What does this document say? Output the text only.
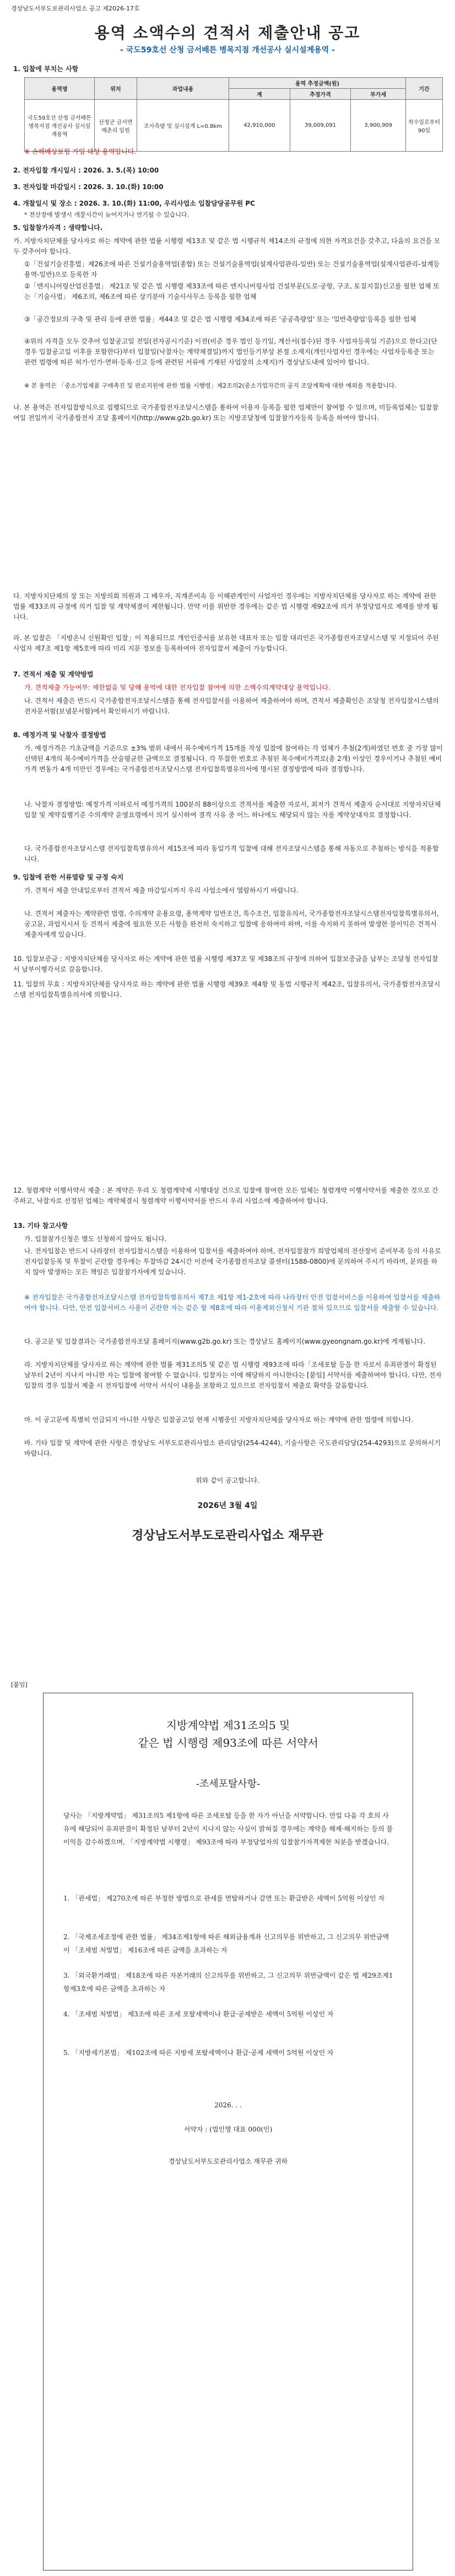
경상남도서부도로관리사업소 공고 제2026-17호
용역 소액수의 견적서 제출안내 공고
- 국도59호선 산청 금서배튼 병목지점 개선공사 실시설계용역 -
1. 입찰에 부치는 사항
용역명	위치	과업내용	용역 추정금액(원)			기간
			계	추정가격	부가세	
국도59호선 산청 금서배튼 병목지점 개선공사 실시설계용역	산청군 금서면 매촌리 일원	조사측량 및 실시설계 L=0.8km	42,910,000	39,009,091	3,900,909	착수일로부터 90일
※ 손해배상보험 가입 대상 용역입니다.
2. 전자입찰 개시일시 : 2026. 3. 5.(목) 10:00
3. 전자입찰 마감일시 : 2026. 3. 10.(화) 10:00
4. 개찰일시 및 장소 : 2026. 3. 10.(화) 11:00, 우리사업소 입찰담당공무원 PC
* 전산장애 발생시 개찰시간이 늦어지거나 연기될 수 있습니다.
5. 입찰참가자격 : 생략합니다.
가. 지방자치단체를 당사자로 하는 계약에 관한 법률 시행령 제13조 및 같은 법 시행규칙 제14조의 규정에 의한 자격요건을 갖추고, 다음의 요건을 모두 갖추어야 합니다.
①「건설기술진흥법」제26조에 따른 건설기술용역업(종합) 또는 건설기술용역업(설계사업관리-일반) 또는 건설기술용역업(설계사업관리-설계등용역-일반)으로 등록한 자
②「엔지니어링산업진흥법」 제21조 및 같은 법 시행령 제33조에 따른 엔지니어링사업 건설부문(도로·공항, 구조, 토질지질)신고를 필한 업체 또는「기술사법」 제6조의, 제6조에 따른 상기분야 기술사사무소 등록을 필한 업체
③「공간정보의 구축 및 관리 등에 관한 법률」제44조 및 같은 법 시행령 제34조에 따른 '공공측량업' 또는 '일반측량업'등록을 필한 업체
④위의 자격을 모두 갖추어 입찰공고일 전일(전자공시기준) 이전(비준 경우 법인 등기일, 계산서(접수)된 경우 사업자등록일 기준)으로 한다고(단 경우 입찰공고일 이후를 포함한다)부터 입찰일(낙찰자는 계약체결일)까지 법인등기부상 본점 소재지(개인사업자인 경우에는 사업자등록증 또는 관련 법령에 따른 허가·인가·면허·등록·신고 등에 관련된 서류에 기재된 사업장의 소재지)가 경상남도내에 있어야 합니다.
※ 본 용역은 「중소기업제품 구매촉진 및 판로지원에 관한 법률 시행령」제2조의2(중소기업자간의 공지 조달계획에 대한 예외를 적용합니다.
나. 본 용역은 전자입찰방식으로 집행되므로 국가종합전자조달시스템을 통하여 이용자 등록을 필한 업체만이 참여할 수 있으며, 미등록업체는 입찰참여일 전일까지 국가종합전자 조달 홈페이지(http://www.g2b.go.kr) 또는 지방조달청에 입찰참가자등록 등록을 하여야 합니다.
다. 지방자치단체의 장 또는 지방의회 의원과 그 배우자, 직계존비속 등 이해관계인이 사업자인 경우에는 지방자치단체를 당사자로 하는 계약에 관한 법률 제33조의 규정에 의거 입찰 및 계약체결이 제한됩니다. 만약 이를 위반한 경우에는 같은 법 시행령 제92조에 의거 부정당업자로 제재를 받게 됩니다.
라. 본 입찰은 「지방온닉 신원확인 입찰」이 적용되므로 개인인증서를 보유한 대표자 또는 입찰 대리인은 국가종합전자조달시스템 및 지정되어 주된사업자 제7조 제1항 제5호에 따라 미리 지문 정보를 등록하여야 전자입찰서 제출이 가능합니다.
7. 견적서 제출 및 계약방법
가. 견적제출 가능여부: 제한없음 및 당해 용역에 대한 전자입찰 참여에 의한 소액수의계약대상 용역입니다.
나. 견적서 제출은 반드시 국가종합전자조달시스템을 통해 전자입찰서를 이용하여 제출하여야 하며, 견적서 제출확인은 조달청 전자입찰시스템의 전자문서함(보냄문서함)에서 확인하시기 바랍니다.
8. 예정가격 및 낙찰자 결정방법
가. 예정가격은 기초금액을 기준으로 ±3% 범위 내에서 복수예비가격 15개를 작성 입찰에 참여하는 각 업체가 추첨(2개)하였던 번호 중 가장 많이 선택된 4개의 복수예비가격을 산술평균한 금액으로 결정됩니다. 각 투찰한 번호로 추첨된 복수예비가격로(총 2개) 이상인 경우이거나 추첨된 예비가격 변동가 4개 미만인 경우에는 국가종합전자조달시스템 전자입찰특별유의서에 명시된 결정방법에 따라 결정합니다.
나. 낙찰자 결정방법: 예정가격 이하로서 예정가격의 100분의 88이상으로 견적서를 제출한 자로서, 최저가 견적서 제출자 순서대로 지방자치단체 입찰 및 계약집행기준 수의계약 운영요령에서 의거 실시하여 결격 사유 중 어느 하나에도 해당되지 않는 자를 계약상대자로 결정합니다.
다. 국가종합전자조달시스템 전자입찰특별유의서 제15조에 따라 동일가격 입찰에 대해 전자조달시스템을 통해 자동으로 추첨하는 방식을 적용합니다.
9. 입찰에 관한 서류열람 및 규정 숙지
가. 견적서 제출 안내일로부터 견적서 제출 마감일시까지 우리 사업소에서 열람하시기 바랍니다.
나. 견적서 제출자는 계약관련 법령, 수의계약 운용요령, 용역계약 일반조건, 특수조건, 입찰유의서, 국가종합전자조달시스템전자입찰특별유의서, 공고문, 과업지시서 등 견적서 제출에 필요한 모든 사항을 완전히 숙지하고 입찰에 응하여야 하며, 이를 숙지하지 못하여 발생한 불이익은 견적서 제출자에게 있습니다.
10. 입찰보증금 : 지방자치단체를 당사자로 하는 계약에 관한 법률 시행령 제37조 및 제38조의 규정에 의하여 입찰보증금을 납부는 조달청 전자입찰서 납부이행각서로 갈음합니다.
11. 입찰의 무효 : 지방자치단체를 당사자로 하는 계약에 관한 법률 시행령 제39조 제4항 및 동법 시행규칙 제42조, 입찰유의서, 국가종합전자조달시스템 전자입찰특별유의서에 의합니다.
12. 청렴계약 이행서약서 제출 : 본 계약은 우리 도 청렴계약제 시행대상 건으로 입찰에 참여한 모든 업체는 청렴계약 이행서약서를 제출한 것으로 간주하고, 낙찰자로 선정된 업체는 계약체결시 청렴계약 이행서약서를 반드시 우리 사업소에 제출하여야 합니다.
13. 기타 참고사항
가. 입찰참가신청은 별도 신청하지 않아도 됩니다.
나. 전자입찰은 반드시 나라장터 전자입찰시스템을 이용하여 입찰서를 제출하여야 하며, 전자입찰참가 희망업체의 전산장비 준비부족 등의 사유로 전자입찰등록 및 투찰이 곤란할 경우에는 투찰마감 24시간 이전에 국가종합전자조달 콜센터(1588-0800)에 문의하여 주시기 바라며, 문의를 하지 않아 발생하는 모든 책임은 입찰참가자에게 있습니다.
※ 전자입찰은 국가종합전자조달시스템 전자입찰특별유의서 제7조 제1항 제1-2호에 따라 나라장터 안전 입찰서비스를 이용하여 입찰서를 제출하여야 합니다. 다만, 안전 입찰서비스 사용이 곤란한 자는 같은 항 제8호에 따라 이용제외신청서 기관 절차 있으므로 입찰서를 제출할 수 있습니다.
다. 공고문 및 입찰결과는 국가종합전자조달 홈페이지(www.g2b.go.kr) 또는 경상남도 홈페이지(www.gyeongnam.go.kr)에 게재됩니다.
라. 지방자치단체를 당사자로 하는 계약에 관한 법률 제31조의5 및 같은 법 시행령 제93조에 따라「조세포탈 등을 한 자로서 유죄판결이 확정된 날부터 2년이 지나지 아니한 자는 입찰에 참여할 수 없습니다. 입찰자는 이에 해당하지 아니한다는 [붙임] 서약서를 제출하여야 합니다. 다만, 전자입찰의 경우 입찰서 제출 시 전자입찰에 서약서 서식이 내용을 포함하고 있으므로 전자입찰서 제출로 확약을 갈음합니다.
마. 이 공고문에 특별히 언급되지 아니한 사항은 입찰공고일 현재 시행중인 지방자치단체를 당사자로 하는 계약에 관한 법령에 의합니다.
바. 기타 입찰 및 계약에 관한 사항은 경상남도 서부도로관리사업소 관리담당(254-4244), 기술사항은 국도관리담당(254-4293)으로 문의하시기 바랍니다.
위와 같이 공고합니다.
2026년 3월 4일
경상남도서부도로관리사업소 재무관
[붙임]
지방계약법 제31조의5 및
같은 법 시행령 제93조에 따른 서약서
-조세포탈사항-
당사는 「지방계약법」 제31조의5 제1항에 따른 조세포탈 등을 한 자가 아닌을 서약합니다. 만일 다음 각 호의 사유에 해당되어 유죄판결이 확정된 날부터 2년이 지나지 않는 사실이 밝혀질 경우에는 계약을 해제·해지하는 등의 불이익을 감수하겠으며, 「지방계약법 시행령」 제93조에 따라 부정당업자의 입찰참가자격제한 처분을 받겠습니다.
1. 「관세법」 제270조에 따른 부정한 방법으로 관세를 면탈하거나 감면 또는 환급받은 세액이 5억원 이상인 자
2. 「국제조세조정에 관한 법률」 제34조제1항에 따른 해외금융계좌 신고의무를 위반하고, 그 신고의무 위반금액이 「조세범 처벌법」 제16조에 따른 금액을 초과하는 자
3. 「외국환거래법」 제18조에 따른 자본거래의 신고의무를 위반하고, 그 신고의무 위반금액이 같은 법 제29조제1항제3호에 따른 금액을 초과하는 자
4. 「조세범 처벌법」 제3조에 따른 조세 포탈세액이나 환급·공제받은 세액이 5억원 이상인 자
5. 「지방세기본법」 제102조에 따른 지방세 포탈세액이나 환급·공제 세액이 5억원 이상인 자
2026. . .
서약자 : (법인명 대표 000(인)
경상남도서부도로관리사업소 재무관 귀하
